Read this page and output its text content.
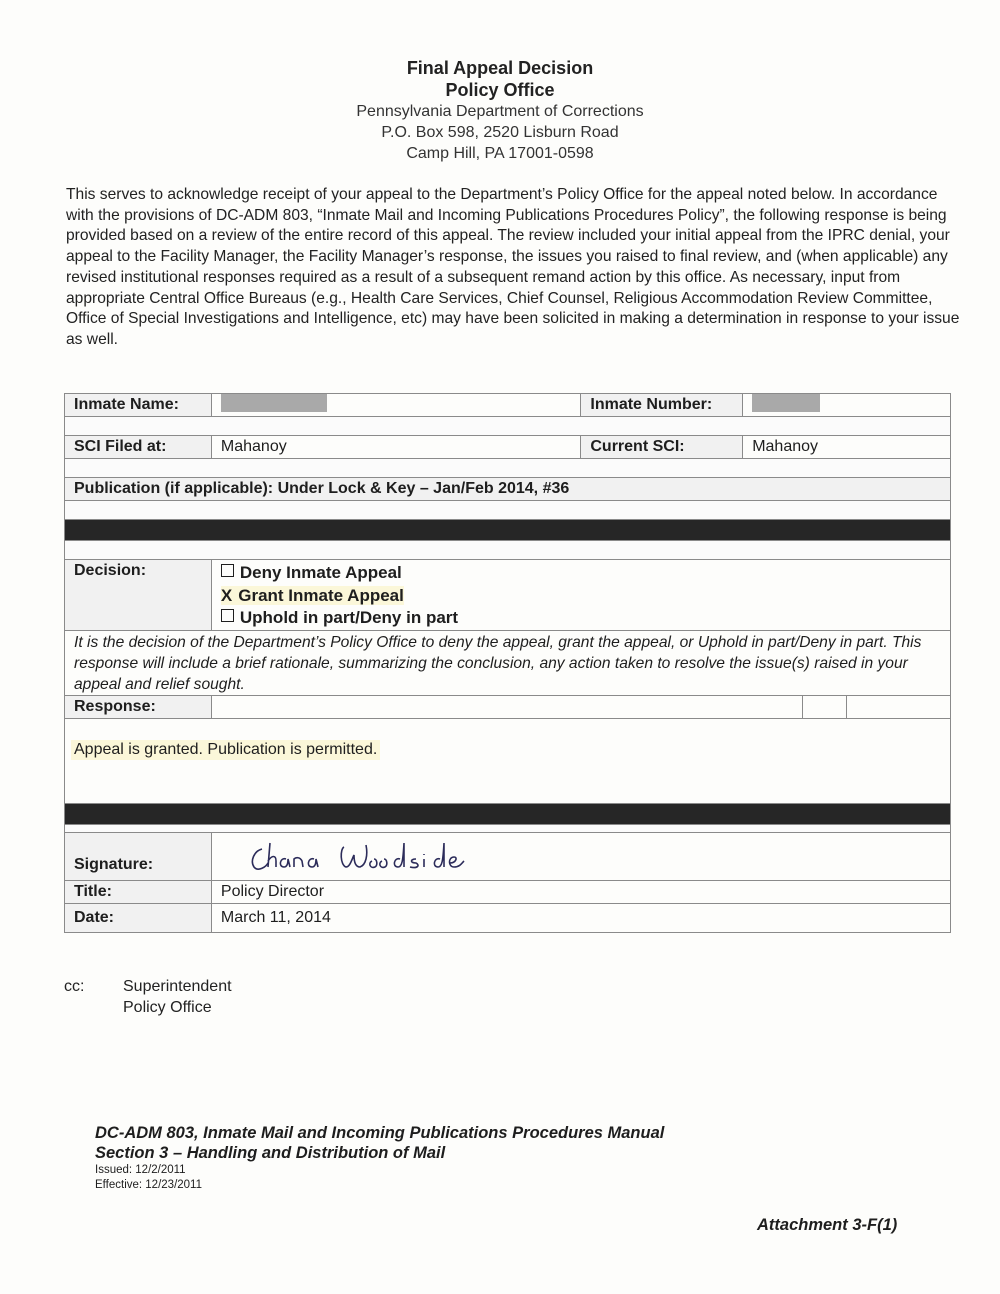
Final Appeal Decision
Policy Office
Pennsylvania Department of Corrections
P.O. Box 598, 2520 Lisburn Road
Camp Hill, PA 17001-0598
This serves to acknowledge receipt of your appeal to the Department’s Policy Office for the appeal noted below. In accordance with the provisions of DC-ADM 803, “Inmate Mail and Incoming Publications Procedures Policy”, the following response is being provided based on a review of the entire record of this appeal. The review included your initial appeal from the IPRC denial, your appeal to the Facility Manager, the Facility Manager’s response, the issues you raised to final review, and (when applicable) any revised institutional responses required as a result of a subsequent remand action by this office. As necessary, input from appropriate Central Office Bureaus (e.g., Health Care Services, Chief Counsel, Religious Accommodation Review Committee, Office of Special Investigations and Intelligence, etc) may have been solicited in making a determination in response to your issue as well.
Inmate Name:		Inmate Number:			

SCI Filed at:	Mahanoy	Current SCI:	Mahanoy		

Publication (if applicable): Under Lock & Key – Jan/Feb 2014, #36					

Decision:	Deny Inmate Appeal
X Grant Inmate Appeal
Uphold in part/Deny in part				

It is the decision of the Department’s Policy Office to deny the appeal, grant the appeal, or Uphold in part/Deny in part. This response will include a brief rationale, summarizing the conclusion, any action taken to resolve the issue(s) raised in your appeal and relief sought.					
Response:					
Appeal is granted. Publication is permitted.					

Signature:	

Title:	Policy Director				
Date:	March 11, 2014				
cc: Superintendent
Policy Office
DC-ADM 803, Inmate Mail and Incoming Publications Procedures Manual
Section 3 – Handling and Distribution of Mail
Issued: 12/2/2011
Effective: 12/23/2011
Attachment 3-F(1)
